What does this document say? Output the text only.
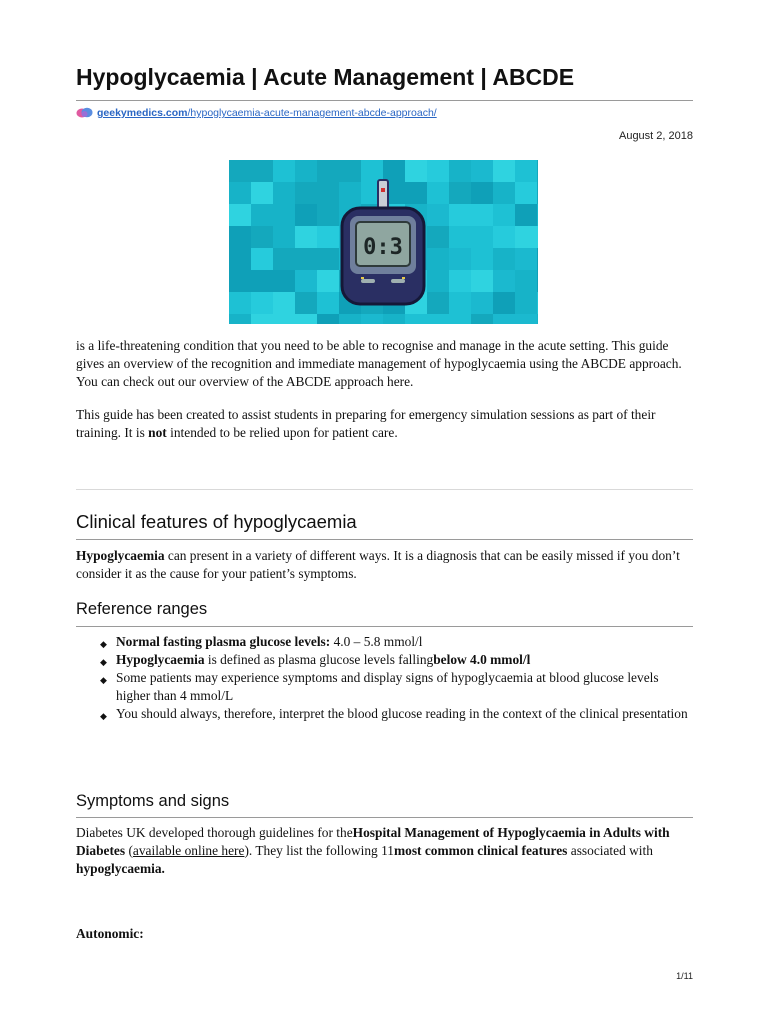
Hypoglycaemia | Acute Management | ABCDE
geekymedics.com /hypoglycaemia-acute-management-abcde-approach/
August 2, 2018
0:3

is a life-threatening condition that you need to be able to recognise and manage in the acute setting. This guide gives an overview of the recognition and immediate management of hypoglycaemia using the ABCDE approach. You can check out our overview of the ABCDE approach here.

This guide has been created to assist students in preparing for emergency simulation sessions as part of their training. It is not intended to be relied upon for patient care.

Clinical features of hypoglycaemia

Hypoglycaemia can present in a variety of different ways. It is a diagnosis that can be easily missed if you don’t consider it as the cause for your patient’s symptoms.

Reference ranges
◆ Normal fasting plasma glucose levels: 4.0 – 5.8 mmol/l
◆ Hypoglycaemia is defined as plasma glucose levels fallingbelow 4.0 mmol/l
◆ Some patients may experience symptoms and display signs of hypoglycaemia at blood glucose levels higher than 4 mmol/L
◆ You should always, therefore, interpret the blood glucose reading in the context of the clinical presentation
Symptoms and signs

Diabetes UK developed thorough guidelines for theHospital Management of Hypoglycaemia in Adults with Diabetes (available online here). They list the following 11most common clinical features associated with hypoglycaemia.

Autonomic:
1/11
